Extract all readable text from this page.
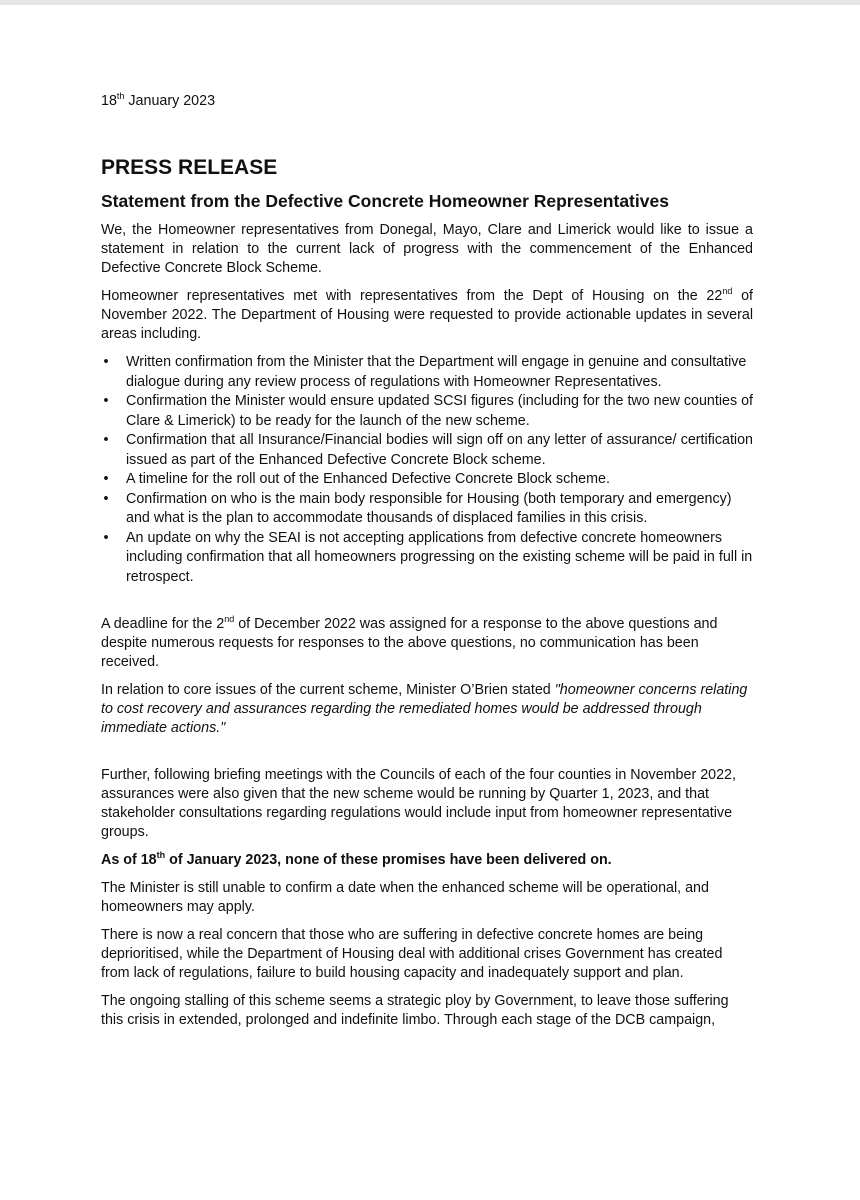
18th January 2023

PRESS RELEASE
Statement from the Defective Concrete Homeowner Representatives

We, the Homeowner representatives from Donegal, Mayo, Clare and Limerick would like to issue a statement in relation to the current lack of progress with the commencement of the Enhanced Defective Concrete Block Scheme.

Homeowner representatives met with representatives from the Dept of Housing on the 22nd of November 2022. The Department of Housing were requested to provide actionable updates in several areas including.

• Written confirmation from the Minister that the Department will engage in genuine and consultative dialogue during any review process of regulations with Homeowner Representatives.
• Confirmation the Minister would ensure updated SCSI figures (including for the two new counties of Clare & Limerick) to be ready for the launch of the new scheme.
• Confirmation that all Insurance/Financial bodies will sign off on any letter of assurance/ certification issued as part of the Enhanced Defective Concrete Block scheme.
• A timeline for the roll out of the Enhanced Defective Concrete Block scheme.
• Confirmation on who is the main body responsible for Housing (both temporary and emergency) and what is the plan to accommodate thousands of displaced families in this crisis.
• An update on why the SEAI is not accepting applications from defective concrete homeowners including confirmation that all homeowners progressing on the existing scheme will be paid in full in retrospect.

A deadline for the 2nd of December 2022 was assigned for a response to the above questions and despite numerous requests for responses to the above questions, no communication has been received.

In relation to core issues of the current scheme, Minister O’Brien stated "homeowner concerns relating to cost recovery and assurances regarding the remediated homes would be addressed through immediate actions."

Further, following briefing meetings with the Councils of each of the four counties in November 2022, assurances were also given that the new scheme would be running by Quarter 1, 2023, and that stakeholder consultations regarding regulations would include input from homeowner representative groups.

As of 18th of January 2023, none of these promises have been delivered on.

The Minister is still unable to confirm a date when the enhanced scheme will be operational, and homeowners may apply.

There is now a real concern that those who are suffering in defective concrete homes are being deprioritised, while the Department of Housing deal with additional crises Government has created from lack of regulations, failure to build housing capacity and inadequately support and plan.

The ongoing stalling of this scheme seems a strategic ploy by Government, to leave those suffering this crisis in extended, prolonged and indefinite limbo. Through each stage of the DCB campaign,
